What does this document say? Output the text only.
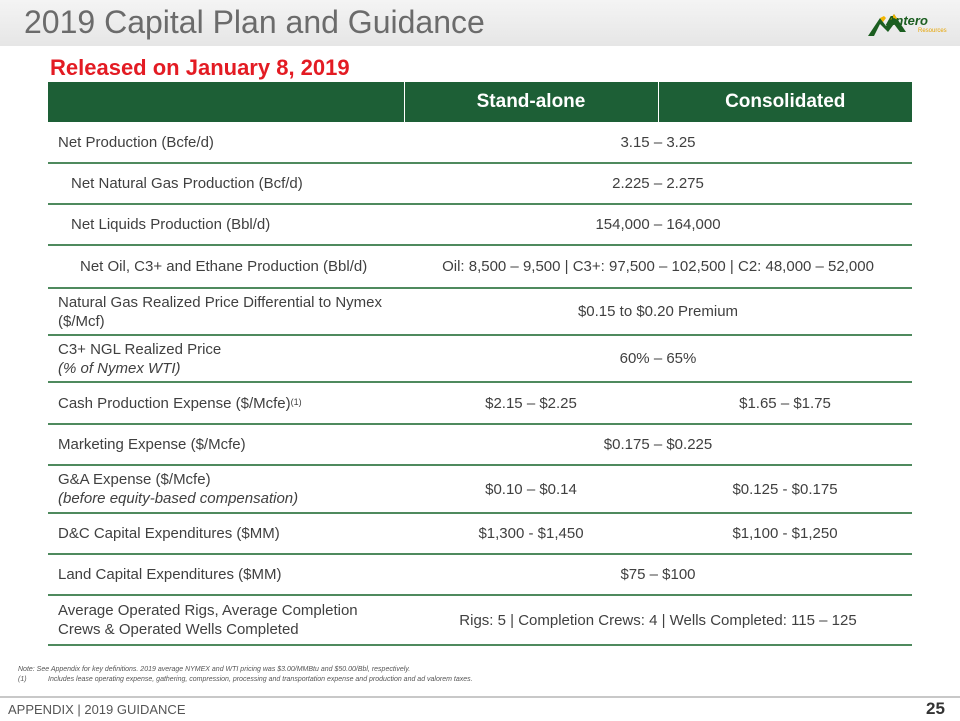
2019 Capital Plan and Guidance	Antero
Resources
Released on January 8, 2019
	Stand-alone	Consolidated
Net Production (Bcfe/d)	3.15 – 3.25	
Net Natural Gas Production (Bcf/d)	2.225 – 2.275	
Net Liquids Production (Bbl/d)	154,000 – 164,000	
Net Oil, C3+ and Ethane Production (Bbl/d)	Oil: 8,500 – 9,500 | C3+: 97,500 – 102,500 | C2: 48,000 – 52,000	
Natural Gas Realized Price Differential to Nymex ($/Mcf)	$0.15 to $0.20 Premium	
C3+ NGL Realized Price
(% of Nymex WTI)	60% – 65%	
Cash Production Expense ($/Mcfe)$^{(1)}$	$2.15 – $2.25	$1.65 – $1.75
Marketing Expense ($/Mcfe)	$0.175 – $0.225	
G&A Expense ($/Mcfe)
(before equity-based compensation)	$0.10 – $0.14	$0.125 - $0.175
D&C Capital Expenditures ($MM)	$1,300 - $1,450	$1,100 - $1,250
Land Capital Expenditures ($MM)	$75 – $100	
Average Operated Rigs, Average Completion Crews & Operated Wells Completed	Rigs: 5 | Completion Crews: 4 | Wells Completed: 115 – 125	
Note: See Appendix for key definitions. 2019 average NYMEX and WTI pricing was $3.00/MMBtu and $50.00/Bbl, respectively.
(1)	Includes lease operating expense, gathering, compression, processing and transportation expense and production and ad valorem taxes.
APPENDIX | 2019 GUIDANCE	25
